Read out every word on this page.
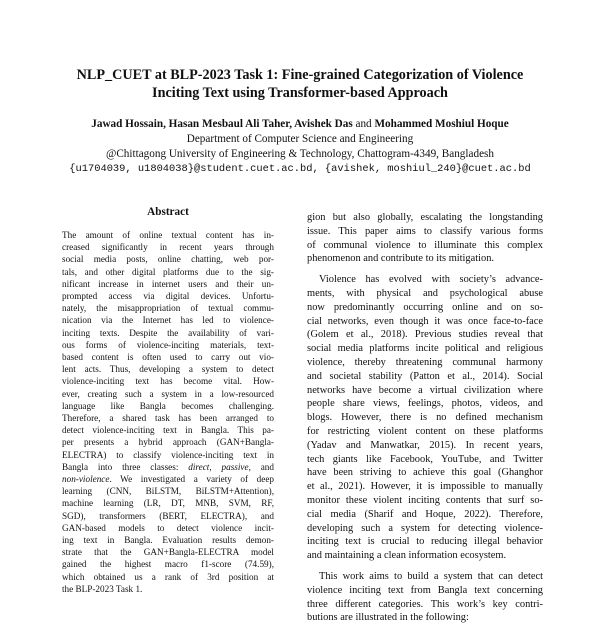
NLP_CUET at BLP-2023 Task 1: Fine-grained Categorization of Violence
Inciting Text using Transformer-based Approach
Jawad Hossain, Hasan Mesbaul Ali Taher, Avishek Das and Mohammed Moshiul Hoque
Department of Computer Science and Engineering
@Chittagong University of Engineering & Technology, Chattogram-4349, Bangladesh
{u1704039, u1804038}@student.cuet.ac.bd, {avishek, moshiul_240}@cuet.ac.bd
Abstract
The amount of online textual content has in-
creased significantly in recent years through
social media posts, online chatting, web por-
tals, and other digital platforms due to the sig-
nificant increase in internet users and their un-
prompted access via digital devices. Unfortu-
nately, the misappropriation of textual commu-
nication via the Internet has led to violence-
inciting texts. Despite the availability of vari-
ous forms of violence-inciting materials, text-
based content is often used to carry out vio-
lent acts. Thus, developing a system to detect
violence-inciting text has become vital. How-
ever, creating such a system in a low-resourced
language like Bangla becomes challenging.
Therefore, a shared task has been arranged to
detect violence-inciting text in Bangla. This pa-
per presents a hybrid approach (GAN+Bangla-
ELECTRA) to classify violence-inciting text in
Bangla into three classes: direct, passive, and
non-violence. We investigated a variety of deep
learning (CNN, BiLSTM, BiLSTM+Attention),
machine learning (LR, DT, MNB, SVM, RF,
SGD), transformers (BERT, ELECTRA), and
GAN-based models to detect violence incit-
ing text in Bangla. Evaluation results demon-
strate that the GAN+Bangla-ELECTRA model
gained the highest macro f1-score (74.59),
which obtained us a rank of 3rd position at
the BLP-2023 Task 1.
gion but also globally, escalating the longstanding
issue. This paper aims to classify various forms
of communal violence to illuminate this complex
phenomenon and contribute to its mitigation.
Violence has evolved with society’s advance-
ments, with physical and psychological abuse
now predominantly occurring online and on so-
cial networks, even though it was once face-to-face
(Golem et al., 2018). Previous studies reveal that
social media platforms incite political and religious
violence, thereby threatening communal harmony
and societal stability (Patton et al., 2014). Social
networks have become a virtual civilization where
people share views, feelings, photos, videos, and
blogs. However, there is no defined mechanism
for restricting violent content on these platforms
(Yadav and Manwatkar, 2015). In recent years,
tech giants like Facebook, YouTube, and Twitter
have been striving to achieve this goal (Ghanghor
et al., 2021). However, it is impossible to manually
monitor these violent inciting contents that surf so-
cial media (Sharif and Hoque, 2022). Therefore,
developing such a system for detecting violence-
inciting text is crucial to reducing illegal behavior
and maintaining a clean information ecosystem.
This work aims to build a system that can detect
violence inciting text from Bangla text concerning
three different categories. This work’s key contri-
butions are illustrated in the following:
